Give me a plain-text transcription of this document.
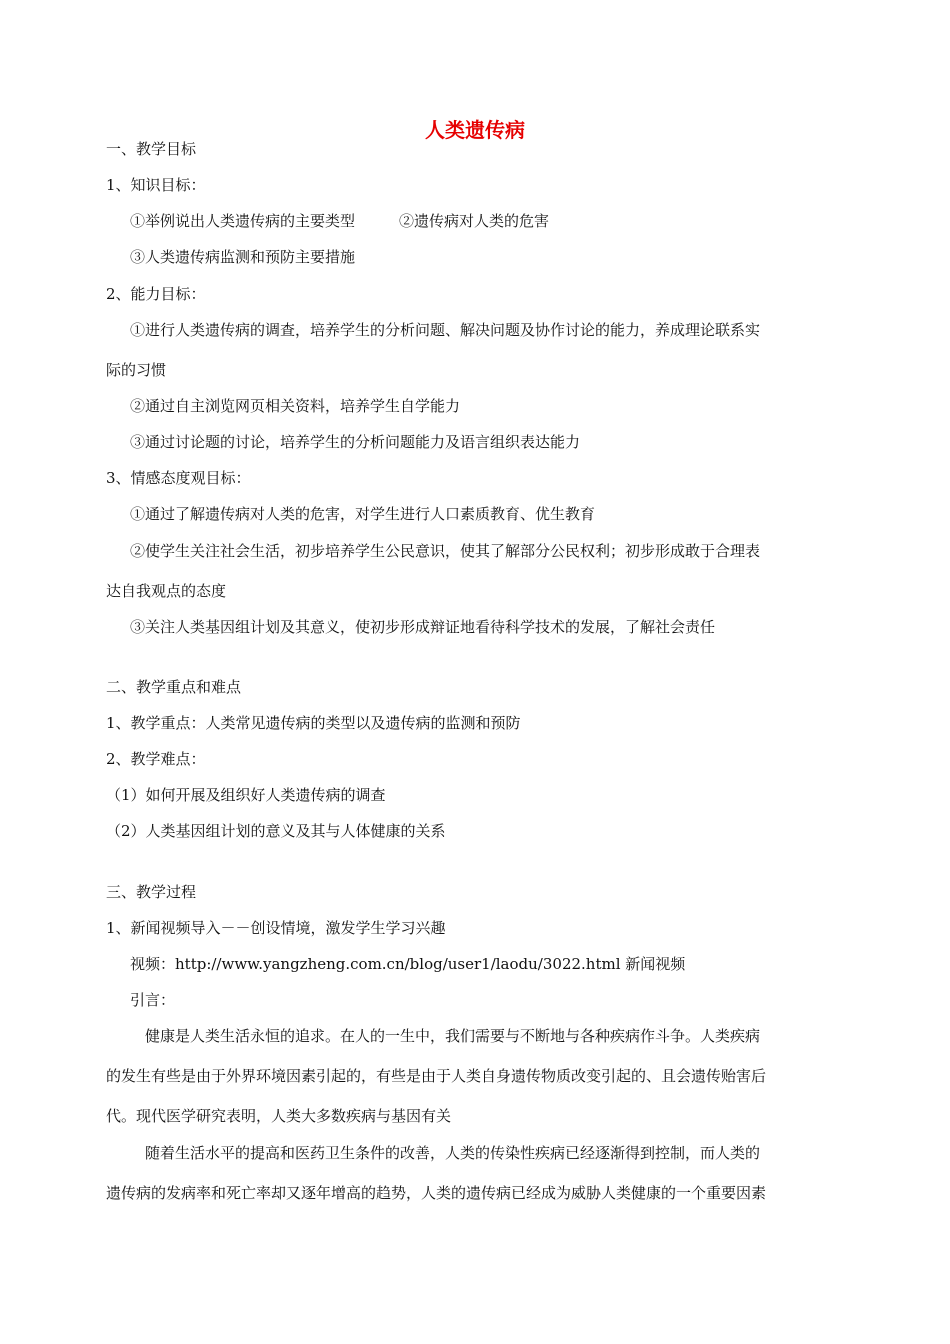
人类遗传病

一、教学目标

1、知识目标：

①举例说出人类遗传病的主要类型	②遗传病对人类的危害

③人类遗传病监测和预防主要措施

2、能力目标：

①进行人类遗传病的调查，培养学生的分析问题、解决问题及协作讨论的能力，养成理论联系实

际的习惯

②通过自主浏览网页相关资料，培养学生自学能力

③通过讨论题的讨论，培养学生的分析问题能力及语言组织表达能力

3、情感态度观目标：

①通过了解遗传病对人类的危害，对学生进行人口素质教育、优生教育

②使学生关注社会生活，初步培养学生公民意识，使其了解部分公民权利；初步形成敢于合理表

达自我观点的态度

③关注人类基因组计划及其意义，使初步形成辩证地看待科学技术的发展，了解社会责任

二、教学重点和难点

1、教学重点：人类常见遗传病的类型以及遗传病的监测和预防

2、教学难点：

（1）如何开展及组织好人类遗传病的调查

（2）人类基因组计划的意义及其与人体健康的关系

三、教学过程

1、新闻视频导入－－创设情境，激发学生学习兴趣

视频：http://www.yangzheng.com.cn/blog/user1/laodu/3022.html 新闻视频

引言：

健康是人类生活永恒的追求。在人的一生中，我们需要与不断地与各种疾病作斗争。人类疾病

的发生有些是由于外界环境因素引起的，有些是由于人类自身遗传物质改变引起的、且会遗传贻害后

代。现代医学研究表明，人类大多数疾病与基因有关

随着生活水平的提高和医药卫生条件的改善，人类的传染性疾病已经逐渐得到控制，而人类的

遗传病的发病率和死亡率却又逐年增高的趋势，人类的遗传病已经成为威胁人类健康的一个重要因素
